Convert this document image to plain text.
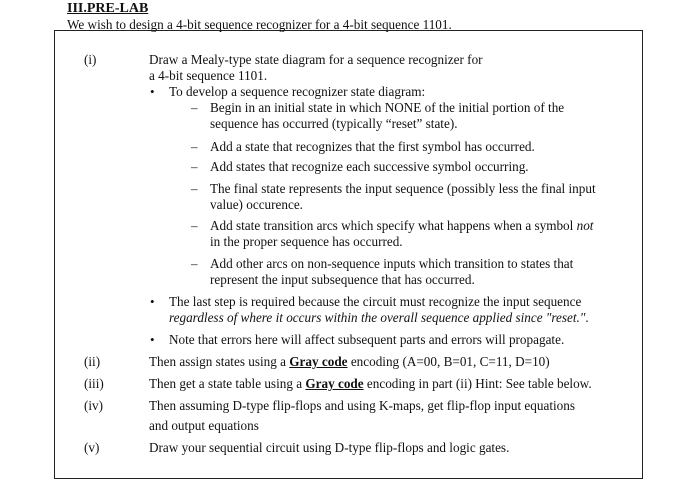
III.PRE-LAB
We wish to design a 4-bit sequence recognizer for a 4-bit sequence 1101.
(i)	Draw a Mealy-type state diagram for a sequence recognizer for
a 4-bit sequence 1101.
• To develop a sequence recognizer state diagram:
– Begin in an initial state in which NONE of the initial portion of the
sequence has occurred (typically “reset” state).
– Add a state that recognizes that the first symbol has occurred.
– Add states that recognize each successive symbol occurring.
– The final state represents the input sequence (possibly less the final input
value) occurence.
– Add state transition arcs which specify what happens when a symbol not
in the proper sequence has occurred.
– Add other arcs on non-sequence inputs which transition to states that
represent the input subsequence that has occurred.
• The last step is required because the circuit must recognize the input sequence
regardless of where it occurs within the overall sequence applied since "reset.".
• Note that errors here will affect subsequent parts and errors will propagate.
(ii)	Then assign states using a Gray code encoding (A=00, B=01, C=11, D=10)
(iii)	Then get a state table using a Gray code encoding in part (ii) Hint: See table below.
(iv)	Then assuming D-type flip-flops and using K-maps, get flip-flop input equations
and output equations
(v)	Draw your sequential circuit using D-type flip-flops and logic gates.
